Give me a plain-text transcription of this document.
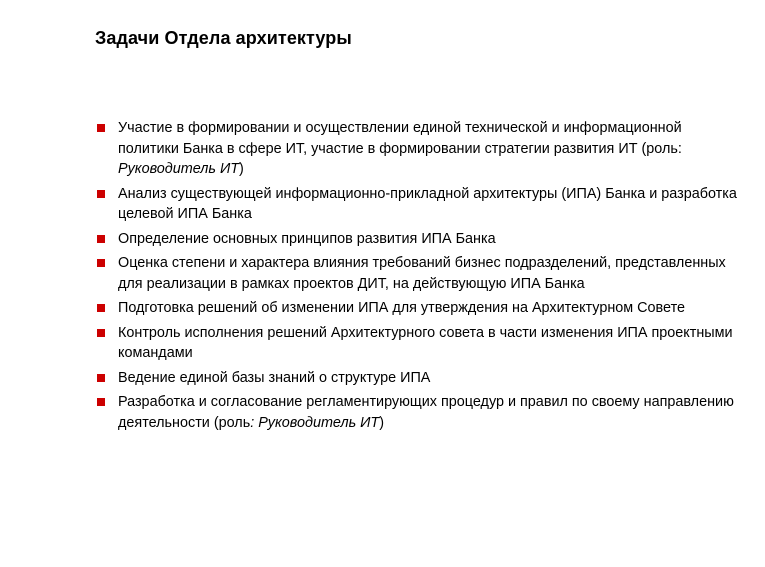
Задачи Отдела архитектуры
Участие в формировании и осуществлении единой технической и информационной политики Банка в сфере ИТ, участие в формировании стратегии развития ИТ (роль: Руководитель ИТ)
Анализ существующей информационно-прикладной архитектуры (ИПА) Банка и разработка целевой ИПА Банка
Определение основных принципов развития ИПА Банка
Оценка степени и характера влияния требований бизнес подразделений, представленных для реализации в рамках проектов ДИТ, на действующую ИПА Банка
Подготовка решений об изменении ИПА для утверждения на Архитектурном Совете
Контроль исполнения решений Архитектурного совета в части изменения ИПА проектными командами
Ведение единой базы знаний о структуре ИПА
Разработка и согласование регламентирующих процедур и правил по своему направлению деятельности (роль: Руководитель ИТ)
